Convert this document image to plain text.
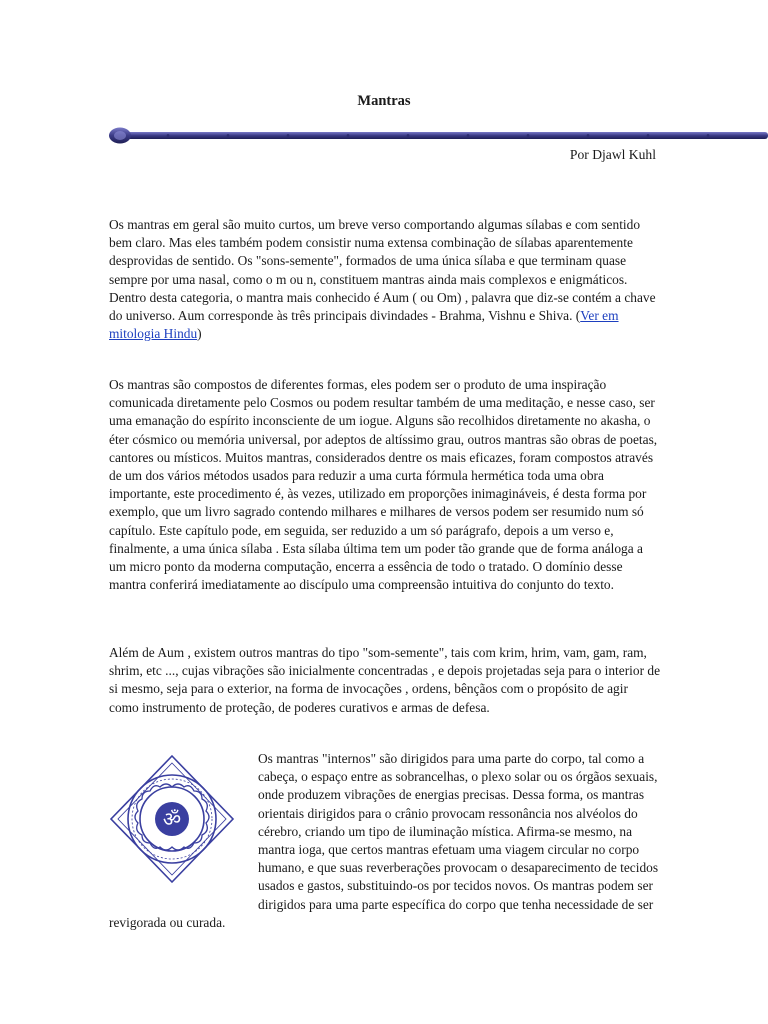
Mantras
Por Djawl Kuhl

Os mantras em geral são muito curtos, um breve verso comportando algumas sílabas e com sentido bem claro. Mas eles também podem consistir numa extensa combinação de sílabas aparentemente desprovidas de sentido. Os "sons-semente", formados de uma única sílaba e que terminam quase sempre por uma nasal, como o m ou n, constituem mantras ainda mais complexos e enigmáticos. Dentro desta categoria, o mantra mais conhecido é Aum ( ou Om) , palavra que diz-se contém a chave do universo. Aum corresponde às três principais divindades - Brahma, Vishnu e Shiva. (Ver em mitologia Hindu)

Os mantras são compostos de diferentes formas, eles podem ser o produto de uma inspiração comunicada diretamente pelo Cosmos ou podem resultar também de uma meditação, e nesse caso, ser uma emanação do espírito inconsciente de um iogue. Alguns são recolhidos diretamente no akasha, o éter cósmico ou memória universal, por adeptos de altíssimo grau, outros mantras são obras de poetas, cantores ou místicos. Muitos mantras, considerados dentre os mais eficazes, foram compostos através de um dos vários métodos usados para reduzir a uma curta fórmula hermética toda uma obra importante, este procedimento é, às vezes, utilizado em proporções inimagináveis, é desta forma por exemplo, que um livro sagrado contendo milhares e milhares de versos podem ser resumido num só capítulo. Este capítulo pode, em seguida, ser reduzido a um só parágrafo, depois a um verso e, finalmente, a uma única sílaba . Esta sílaba última tem um poder tão grande que de forma análoga a um micro ponto da moderna computação, encerra a essência de todo o tratado. O domínio desse mantra conferirá imediatamente ao discípulo uma compreensão intuitiva do conjunto do texto.

Além de Aum , existem outros mantras do tipo "som-semente", tais com krim, hrim, vam, gam, ram, shrim, etc ..., cujas vibrações são inicialmente concentradas , e depois projetadas seja para o interior de si mesmo, seja para o exterior, na forma de invocações , ordens, bênçãos com o propósito de agir como instrumento de proteção, de poderes curativos e armas de defesa.

ॐ
Os mantras "internos" são dirigidos para uma parte do corpo, tal como a cabeça, o espaço entre as sobrancelhas, o plexo solar ou os órgãos sexuais, onde produzem vibrações de energias precisas. Dessa forma, os mantras orientais dirigidos para o crânio provocam ressonância nos alvéolos do cérebro, criando um tipo de iluminação mística. Afirma-se mesmo, na mantra ioga, que certos mantras efetuam uma viagem circular no corpo humano, e que suas reverberações provocam o desaparecimento de tecidos usados e gastos, substituindo-os por tecidos novos. Os mantras podem ser dirigidos para uma parte específica do corpo que tenha necessidade de ser revigorada ou curada.
